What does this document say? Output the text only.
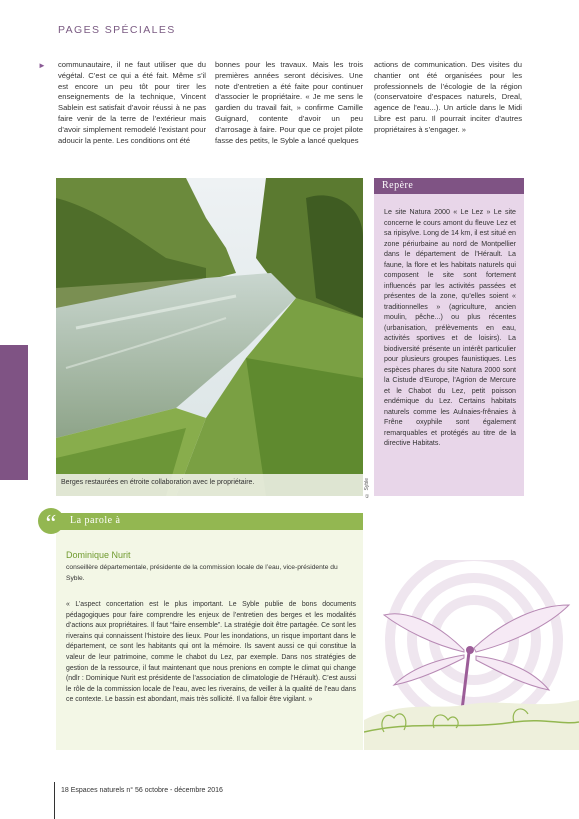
PAGES SPÉCIALES
► communautaire, il ne faut utiliser que du végétal. C’est ce qui a été fait. Même s’il est encore un peu tôt pour tirer les enseignements de la technique, Vincent Sablein est satisfait d’avoir réussi à ne pas faire venir de la terre de l’extérieur mais d’avoir simplement remodelé l’existant pour adoucir la pente. Les conditions ont été
bonnes pour les travaux. Mais les trois premières années seront décisives. Une note d’entretien a été faite pour continuer d’associer le propriétaire. « Je me sens le gardien du travail fait, » confirme Camille Guignard, contente d’avoir un peu d’arrosage à faire. Pour que ce projet pilote fasse des petits, le Syble a lancé quelques
actions de communication. Des visites du chantier ont été organisées pour les professionnels de l’écologie de la région (conservatoire d’espaces naturels, Dreal, agence de l’eau...). Un article dans le Midi Libre est paru. Il pourrait inciter d’autres propriétaires à s’engager. »
Berges restaurées en étroite collaboration avec le propriétaire.	© Syble
Repère
Le site Natura 2000 « Le Lez » Le site concerne le cours amont du fleuve Lez et sa ripisylve. Long de 14 km, il est situé en zone périurbaine au nord de Montpellier dans le département de l’Hérault. La faune, la flore et les habitats naturels qui composent le site sont fortement influencés par les activités passées et présentes de la zone, qu’elles soient « traditionnelles » (agriculture, ancien moulin, pêche...) ou plus récentes (urbanisation, prélèvements en eau, activités sportives et de loisirs). La biodiversité présente un intérêt particulier pour plusieurs groupes faunistiques. Les espèces phares du site Natura 2000 sont la Cistude d’Europe, l’Agrion de Mercure et le Chabot du Lez, petit poisson endémique du Lez. Certains habitats naturels comme les Aulnaies-frênaies à Frêne oxyphile sont également remarquables et protégés au titre de la directive Habitats.
“	La parole à
Dominique Nurit
conseillère départementale, présidente de la commission locale de l’eau, vice-présidente du Syble.
« L’aspect concertation est le plus important. Le Syble publie de bons documents pédagogiques pour faire comprendre les enjeux de l’entretien des berges et les modalités d’actions aux propriétaires. Il faut “faire ensemble”. La stratégie doit être partagée. Ce sont les riverains qui connaissent l’histoire des lieux. Pour les inondations, un risque important dans le département, ce sont les habitants qui ont la mémoire. Ils savent aussi ce qui constitue la valeur de leur patrimoine, comme le chabot du Lez, par exemple. Dans nos stratégies de gestion de la ressource, il faut maintenant que nous prenions en compte le climat qui change (ndlr : Dominique Nurit est présidente de l’association de climatologie de l’Hérault). C’est aussi le rôle de la commission locale de l’eau, avec les riverains, de veiller à la qualité de l’eau dans ce contexte. Le bassin est abondant, mais très sollicité. Il va falloir être vigilant. »
18 Espaces naturels n° 56 octobre - décembre 2016
